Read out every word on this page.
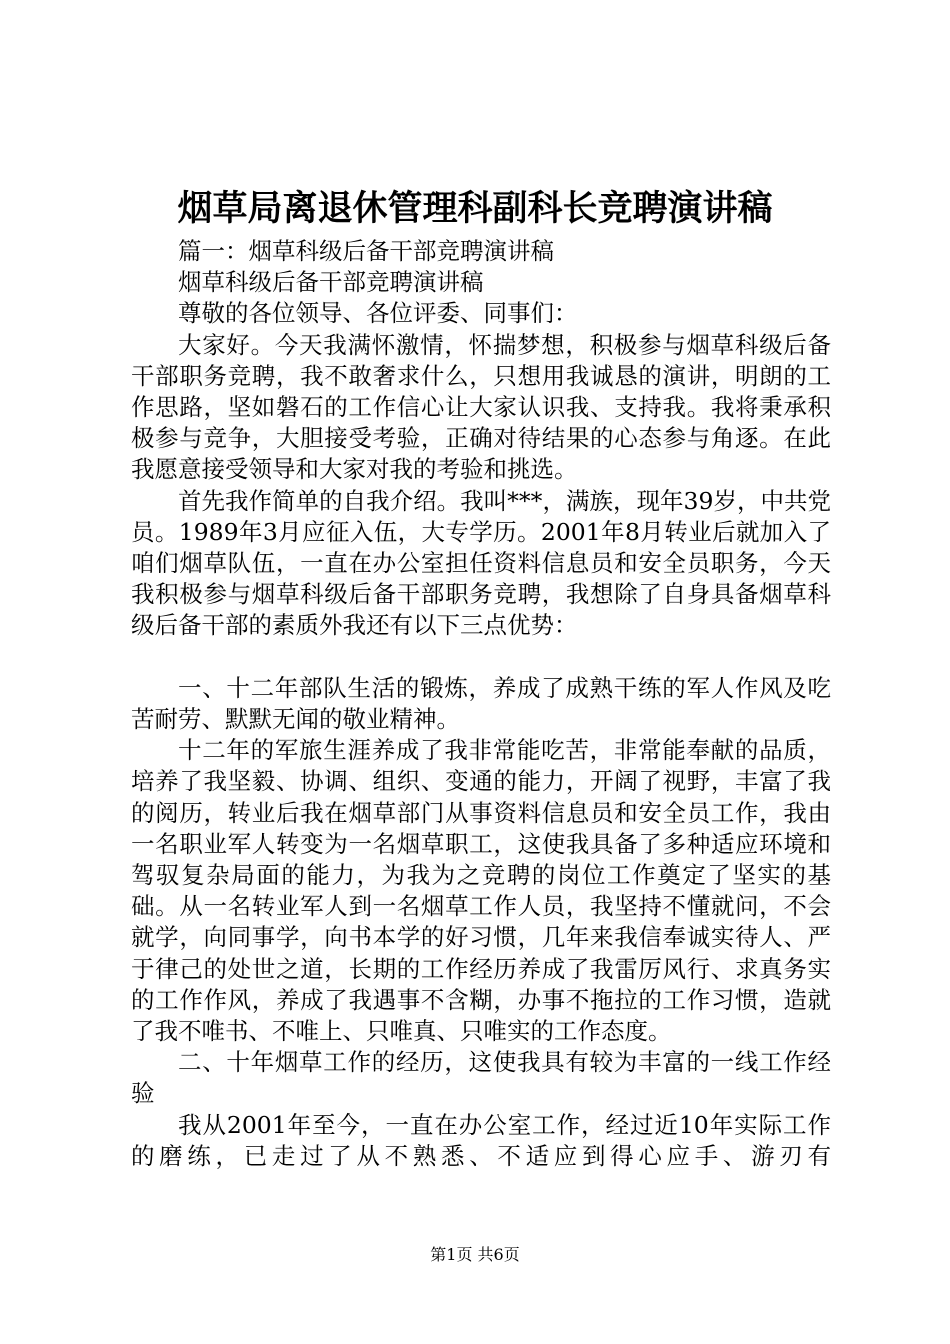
烟草局离退休管理科副科长竞聘演讲稿

篇一：烟草科级后备干部竞聘演讲稿

烟草科级后备干部竞聘演讲稿

尊敬的各位领导、各位评委、同事们：

大家好。今天我满怀激情，怀揣梦想，积极参与烟草科级后备干部职务竞聘，我不敢奢求什么，只想用我诚恳的演讲，明朗的工作思路，坚如磐石的工作信心让大家认识我、支持我。我将秉承积极参与竞争，大胆接受考验，正确对待结果的心态参与角逐。在此我愿意接受领导和大家对我的考验和挑选。

首先我作简单的自我介绍。我叫***，满族，现年39岁，中共党员。1989年3月应征入伍，大专学历。2001年8月转业后就加入了咱们烟草队伍，一直在办公室担任资料信息员和安全员职务，今天我积极参与烟草科级后备干部职务竞聘，我想除了自身具备烟草科级后备干部的素质外我还有以下三点优势：

一、十二年部队生活的锻炼，养成了成熟干练的军人作风及吃苦耐劳、默默无闻的敬业精神。

十二年的军旅生涯养成了我非常能吃苦，非常能奉献的品质，培养了我坚毅、协调、组织、变通的能力，开阔了视野，丰富了我的阅历，转业后我在烟草部门从事资料信息员和安全员工作，我由一名职业军人转变为一名烟草职工，这使我具备了多种适应环境和驾驭复杂局面的能力，为我为之竞聘的岗位工作奠定了坚实的基础。从一名转业军人到一名烟草工作人员，我坚持不懂就问，不会就学，向同事学，向书本学的好习惯，几年来我信奉诚实待人、严于律己的处世之道，长期的工作经历养成了我雷厉风行、求真务实的工作作风，养成了我遇事不含糊，办事不拖拉的工作习惯，造就了我不唯书、不唯上、只唯真、只唯实的工作态度。

二、十年烟草工作的经历，这使我具有较为丰富的一线工作经验

我从2001年至今，一直在办公室工作，经过近10年实际工作的磨练，已走过了从不熟悉、不适应到得心应手、游刃有

第1页 共6页
